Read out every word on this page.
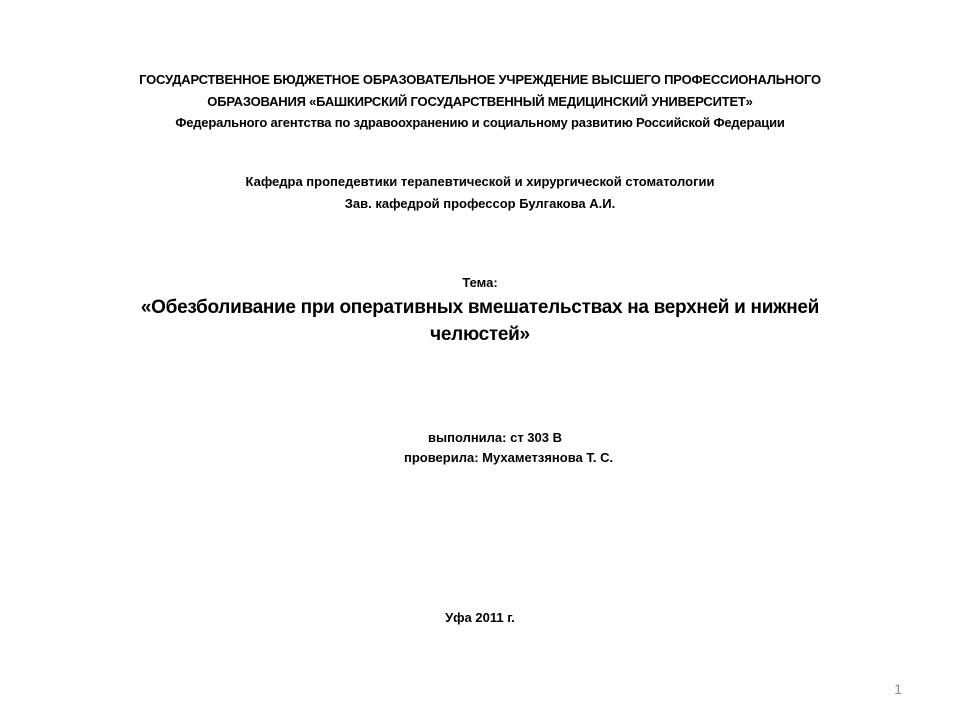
ГОСУДАРСТВЕННОЕ БЮДЖЕТНОЕ ОБРАЗОВАТЕЛЬНОЕ УЧРЕЖДЕНИЕ ВЫСШЕГО ПРОФЕССИОНАЛЬНОГО
ОБРАЗОВАНИЯ «БАШКИРСКИЙ ГОСУДАРСТВЕННЫЙ МЕДИЦИНСКИЙ УНИВЕРСИТЕТ»
Федерального агентства по здравоохранению и социальному развитию Российской Федерации
Кафедра пропедевтики терапевтической и хирургической стоматологии
Зав. кафедрой профессор Булгакова А.И.
Тема:
«Обезболивание при оперативных вмешательствах на верхней и нижней
челюстей»
выполнила: ст 303 В
проверила: Мухаметзянова Т. С.
Уфа 2011 г.
1
